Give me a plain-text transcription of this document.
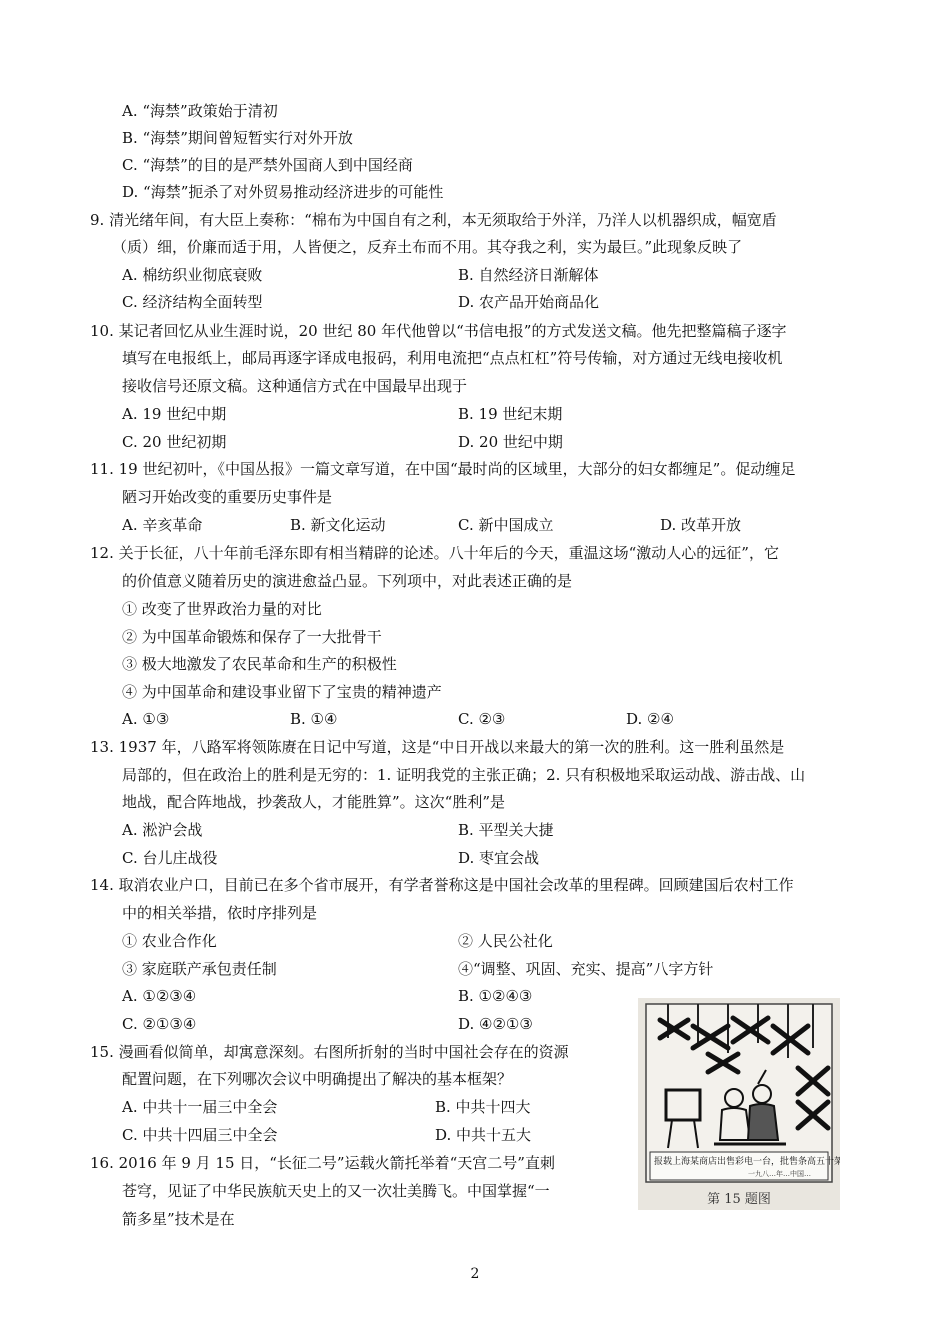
A. “海禁”政策始于清初
B. “海禁”期间曾短暂实行对外开放
C. “海禁”的目的是严禁外国商人到中国经商
D. “海禁”扼杀了对外贸易推动经济进步的可能性
9. 清光绪年间，有大臣上奏称：“棉布为中国自有之利，本无须取给于外洋，乃洋人以机器织成，幅宽盾
（质）细，价廉而适于用，人皆便之，反弃土布而不用。其夺我之利，实为最巨。”此现象反映了
A. 棉纺织业彻底衰败	B. 自然经济日渐解体
C. 经济结构全面转型	D. 农产品开始商品化
10. 某记者回忆从业生涯时说，20 世纪 80 年代他曾以“书信电报”的方式发送文稿。他先把整篇稿子逐字
填写在电报纸上，邮局再逐字译成电报码，利用电流把“点点杠杠”符号传输，对方通过无线电接收机
接收信号还原文稿。这种通信方式在中国最早出现于
A. 19 世纪中期	B. 19 世纪末期
C. 20 世纪初期	D. 20 世纪中期
11. 19 世纪初叶，《中国丛报》一篇文章写道，在中国“最时尚的区域里，大部分的妇女都缠足”。促动缠足
陋习开始改变的重要历史事件是
A. 辛亥革命	B. 新文化运动	C. 新中国成立	D. 改革开放
12. 关于长征，八十年前毛泽东即有相当精辟的论述。八十年后的今天，重温这场“激动人心的远征”，它
的价值意义随着历史的演进愈益凸显。下列项中，对此表述正确的是
① 改变了世界政治力量的对比
② 为中国革命锻炼和保存了一大批骨干
③ 极大地激发了农民革命和生产的积极性
④ 为中国革命和建设事业留下了宝贵的精神遗产
A. ①③	B. ①④	C. ②③	D. ②④
13. 1937 年，八路军将领陈赓在日记中写道，这是“中日开战以来最大的第一次的胜利。这一胜利虽然是
局部的，但在政治上的胜利是无穷的：1. 证明我党的主张正确；2. 只有积极地采取运动战、游击战、山
地战，配合阵地战，抄袭敌人，才能胜算”。这次“胜利”是
A. 淞沪会战	B. 平型关大捷
C. 台儿庄战役	D. 枣宜会战
14. 取消农业户口，目前已在多个省市展开，有学者誉称这是中国社会改革的里程碑。回顾建国后农村工作
中的相关举措，依时序排列是
① 农业合作化	② 人民公社化
③ 家庭联产承包责任制	④“调整、巩固、充实、提高”八字方针
A. ①②③④	B. ①②④③
C. ②①③④	D. ④②①③
15. 漫画看似简单，却寓意深刻。右图所折射的当时中国社会存在的资源
配置问题，在下列哪次会议中明确提出了解决的基本框架？
A. 中共十一届三中全会	B. 中共十四大
C. 中共十四届三中全会	D. 中共十五大
16. 2016 年 9 月 15 日，“长征二号”运载火箭托举着“天宫二号”直刺
苍穹，见证了中华民族航天史上的又一次壮美腾飞。中国掌握“一
箭多星”技术是在
报载上海某商店出售彩电一台，批售条高五十架。
一九八…年…中国…
第 15 题图
2
